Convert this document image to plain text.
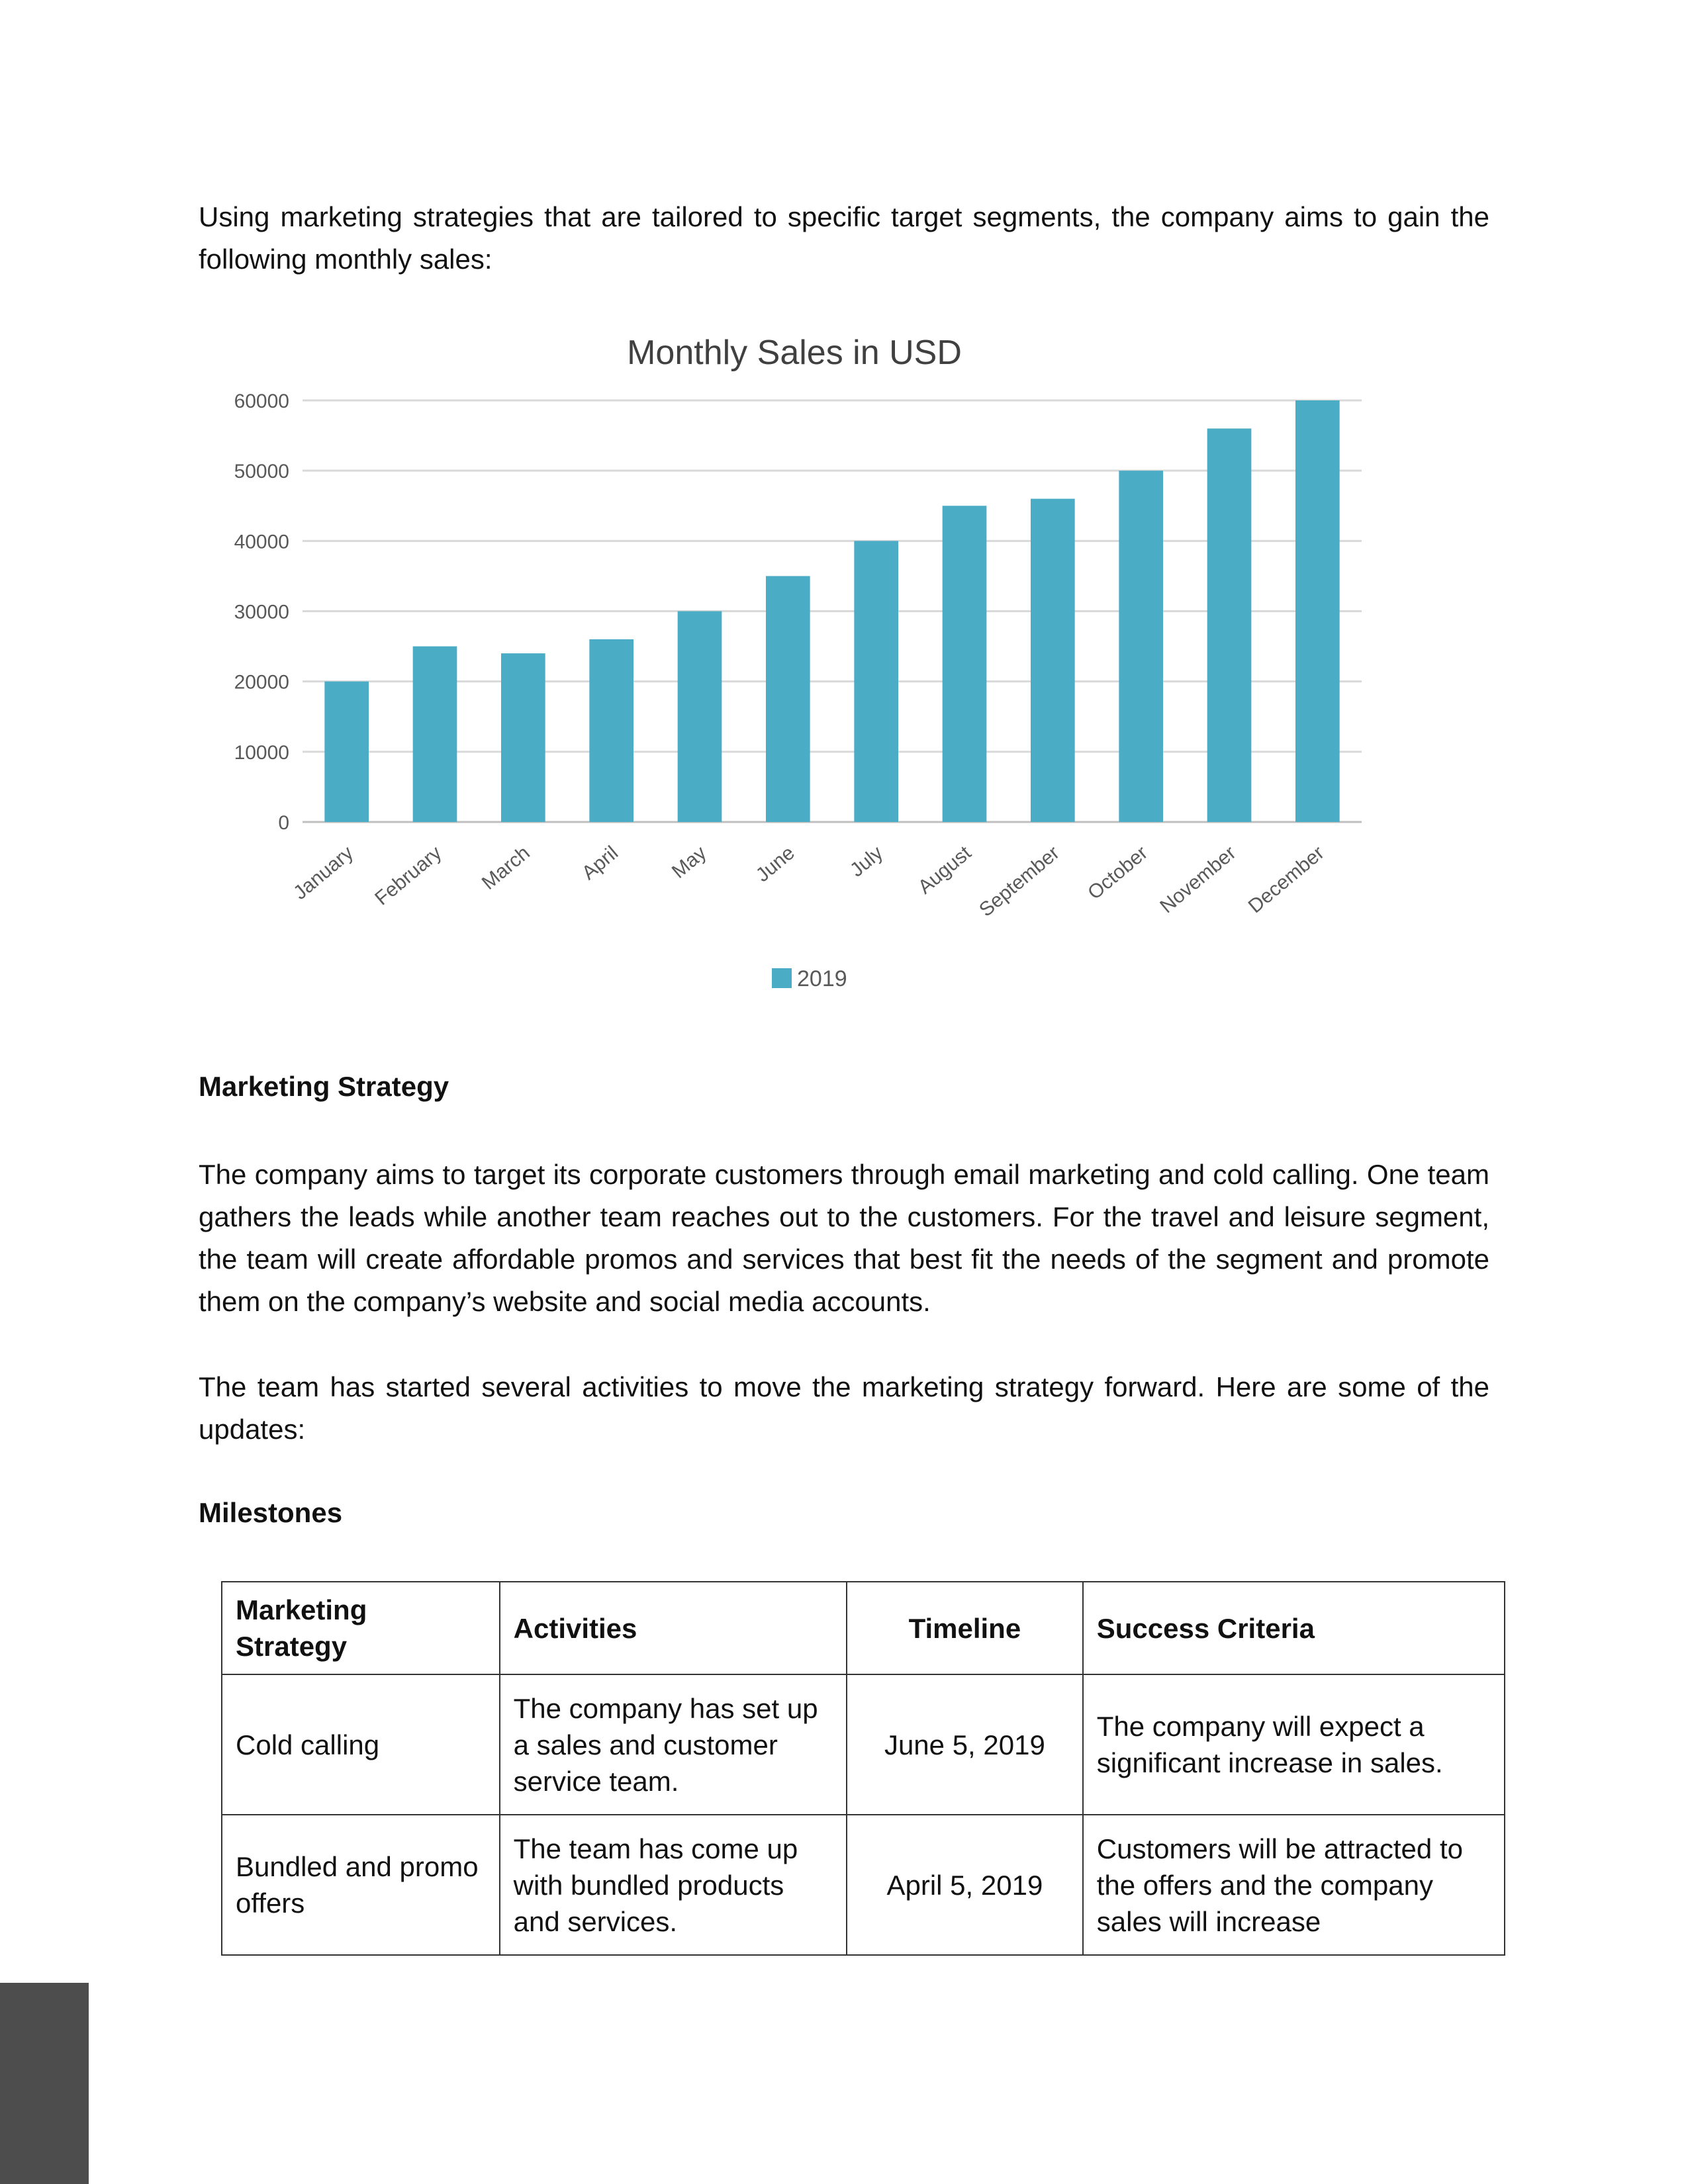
Using marketing strategies that are tailored to specific target segments, the company aims to gain the following monthly sales:

Monthly Sales in USD
0
10000
20000
30000
40000
50000
60000
January February March April May June July August September October November December
2019

Marketing Strategy

The company aims to target its corporate customers through email marketing and cold calling. One team gathers the leads while another team reaches out to the customers. For the travel and leisure segment, the team will create affordable promos and services that best fit the needs of the segment and promote them on the company’s website and social media accounts.

The team has started several activities to move the marketing strategy forward. Here are some of the updates:

Milestones

Marketing Strategy	Activities	Timeline	Success Criteria
Cold calling	The company has set up a sales and customer service team.	June 5, 2019	The company will expect a significant increase in sales.
Bundled and promo offers	The team has come up with bundled products and services.	April 5, 2019	Customers will be attracted to the offers and the company sales will increase
